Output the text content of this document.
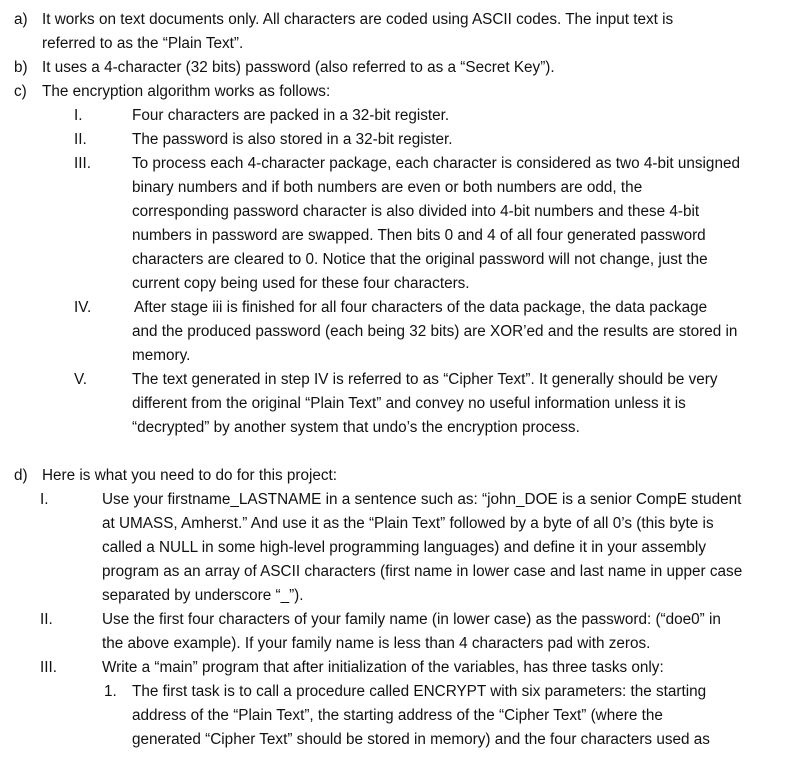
a) It works on text documents only. All characters are coded using ASCII codes. The input text is
referred to as the “Plain Text”.
b) It uses a 4-character (32 bits) password (also referred to as a “Secret Key”).
c) The encryption algorithm works as follows:
I.	Four characters are packed in a 32-bit register.
II.	The password is also stored in a 32-bit register.
III.	To process each 4-character package, each character is considered as two 4-bit unsigned
binary numbers and if both numbers are even or both numbers are odd, the
corresponding password character is also divided into 4-bit numbers and these 4-bit
numbers in password are swapped. Then bits 0 and 4 of all four generated password
characters are cleared to 0. Notice that the original password will not change, just the
current copy being used for these four characters.
IV.	After stage iii is finished for all four characters of the data package, the data package
and the produced password (each being 32 bits) are XOR’ed and the results are stored in
memory.
V.	The text generated in step IV is referred to as “Cipher Text”. It generally should be very
different from the original “Plain Text” and convey no useful information unless it is
“decrypted” by another system that undo’s the encryption process.
d) Here is what you need to do for this project:
I.	Use your firstname_LASTNAME in a sentence such as: “john_DOE is a senior CompE student
at UMASS, Amherst.” And use it as the “Plain Text” followed by a byte of all 0’s (this byte is
called a NULL in some high-level programming languages) and define it in your assembly
program as an array of ASCII characters (first name in lower case and last name in upper case
separated by underscore “_”).
II.	Use the first four characters of your family name (in lower case) as the password: (“doe0” in
the above example). If your family name is less than 4 characters pad with zeros.
III.	Write a “main” program that after initialization of the variables, has three tasks only:
1. The first task is to call a procedure called ENCRYPT with six parameters: the starting
address of the “Plain Text”, the starting address of the “Cipher Text” (where the
generated “Cipher Text” should be stored in memory) and the four characters used as
